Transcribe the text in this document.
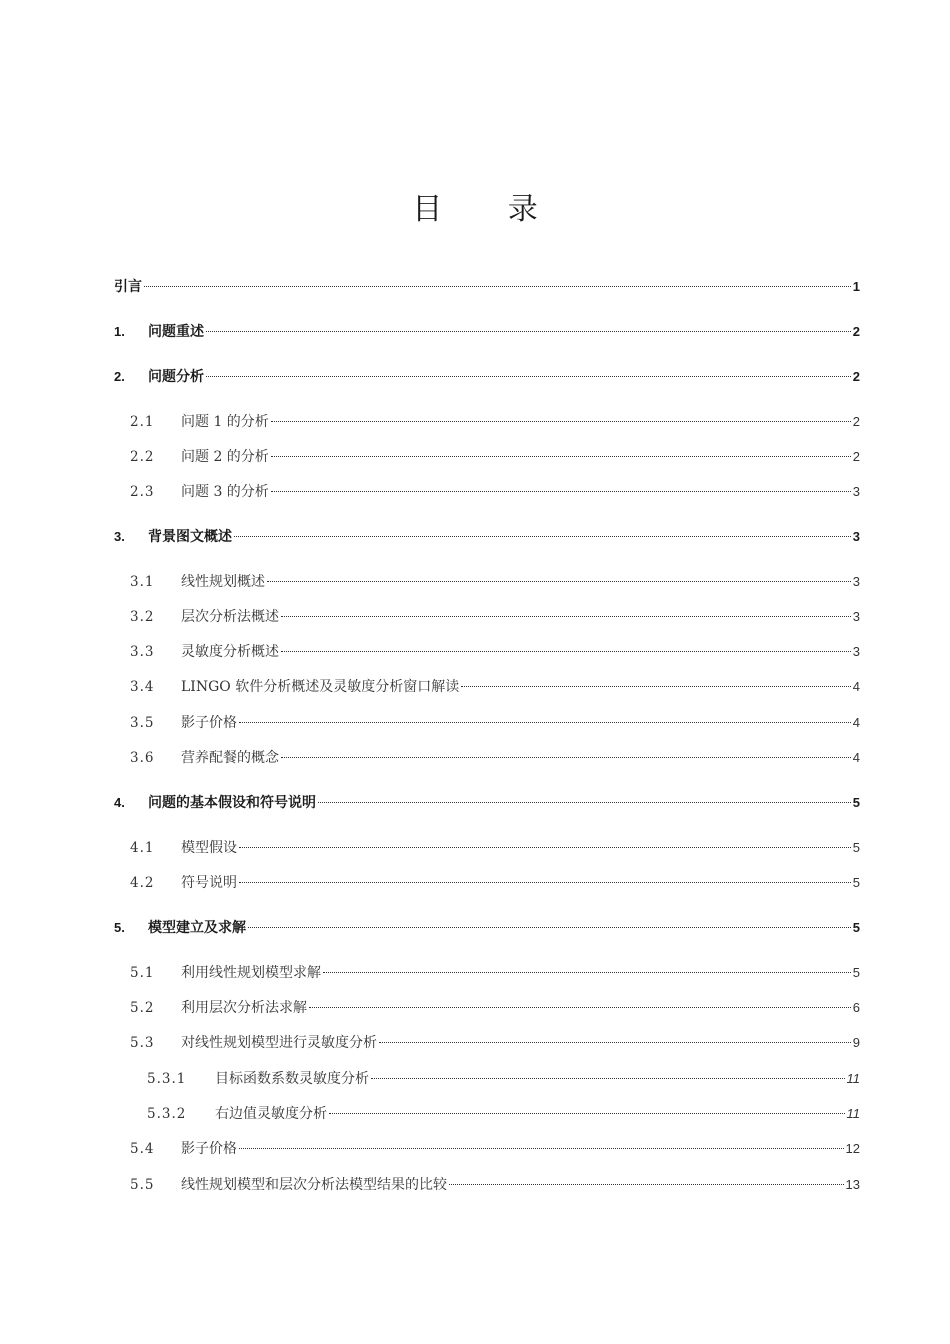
目 录
引言	1
1.	问题重述	2
2.	问题分析	2
2.1	问题 1 的分析	2
2.2	问题 2 的分析	2
2.3	问题 3 的分析	3
3.	背景图文概述	3
3.1	线性规划概述	3
3.2	层次分析法概述	3
3.3	灵敏度分析概述	3
3.4	LINGO 软件分析概述及灵敏度分析窗口解读	4
3.5	影子价格	4
3.6	营养配餐的概念	4
4.	问题的基本假设和符号说明	5
4.1	模型假设	5
4.2	符号说明	5
5.	模型建立及求解	5
5.1	利用线性规划模型求解	5
5.2	利用层次分析法求解	6
5.3	对线性规划模型进行灵敏度分析	9
5.3.1	目标函数系数灵敏度分析	11
5.3.2	右边值灵敏度分析	11
5.4	影子价格	12
5.5	线性规划模型和层次分析法模型结果的比较	13
